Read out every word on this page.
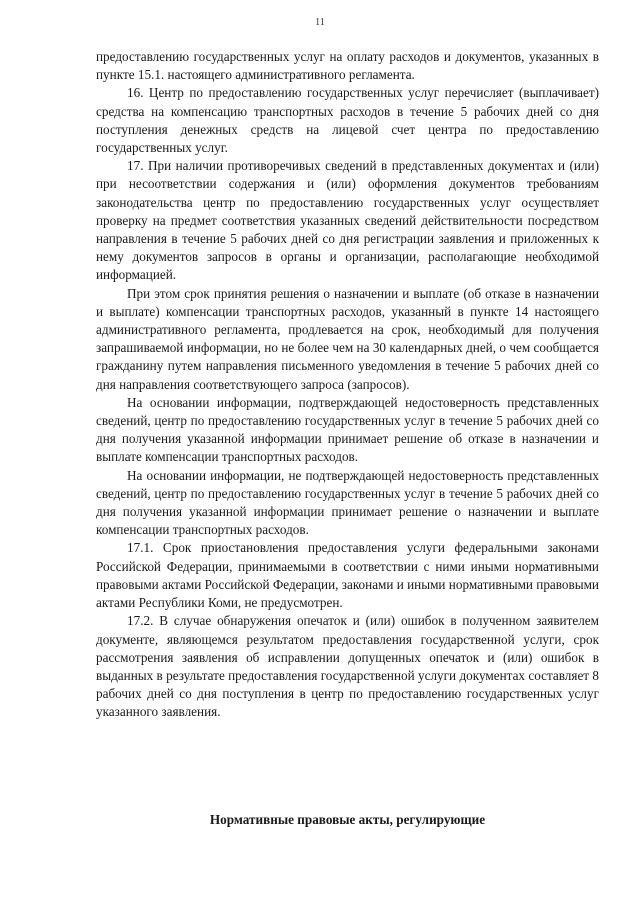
11

предоставлению государственных услуг на оплату расходов и документов, указанных в пункте 15.1. настоящего административного регламента.

16. Центр по предоставлению государственных услуг перечисляет (выплачивает) средства на компенсацию транспортных расходов в течение 5 рабочих дней со дня поступления денежных средств на лицевой счет центра по предоставлению государственных услуг.

17. При наличии противоречивых сведений в представленных документах и (или) при несоответствии содержания и (или) оформления документов требованиям законодательства центр по предоставлению государственных услуг осуществляет проверку на предмет соответствия указанных сведений действительности посредством направления в течение 5 рабочих дней со дня регистрации заявления и приложенных к нему документов запросов в органы и организации, располагающие необходимой информацией.

При этом срок принятия решения о назначении и выплате (об отказе в назначении и выплате) компенсации транспортных расходов, указанный в пункте 14 настоящего административного регламента, продлевается на срок, необходимый для получения запрашиваемой информации, но не более чем на 30 календарных дней, о чем сообщается гражданину путем направления письменного уведомления в течение 5 рабочих дней со дня направления соответствующего запроса (запросов).

На основании информации, подтверждающей недостоверность представленных сведений, центр по предоставлению государственных услуг в течение 5 рабочих дней со дня получения указанной информации принимает решение об отказе в назначении и выплате компенсации транспортных расходов.

На основании информации, не подтверждающей недостоверность представленных сведений, центр по предоставлению государственных услуг в течение 5 рабочих дней со дня получения указанной информации принимает решение о назначении и выплате компенсации транспортных расходов.

17.1. Срок приостановления предоставления услуги федеральными законами Российской Федерации, принимаемыми в соответствии с ними иными нормативными правовыми актами Российской Федерации, законами и иными нормативными правовыми актами Республики Коми, не предусмотрен.

17.2. В случае обнаружения опечаток и (или) ошибок в полученном заявителем документе, являющемся результатом предоставления государственной услуги, срок рассмотрения заявления об исправлении допущенных опечаток и (или) ошибок в выданных в результате предоставления государственной услуги документах составляет 8 рабочих дней со дня поступления в центр по предоставлению государственных услуг указанного заявления.

Нормативные правовые акты, регулирующие
